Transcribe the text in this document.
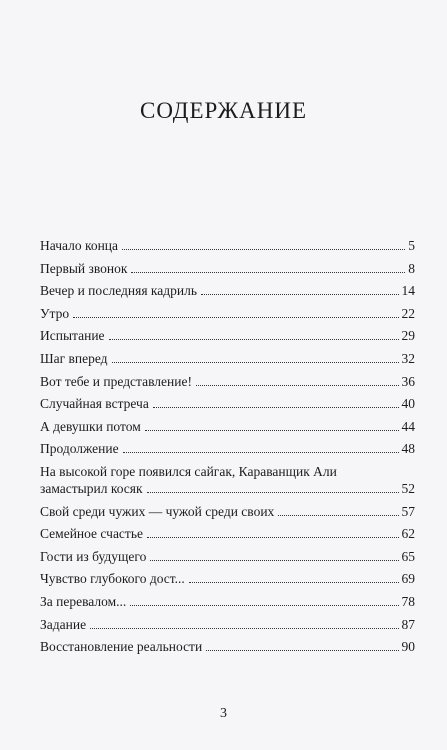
СОДЕРЖАНИЕ
Начало конца	5
Первый звонок	8
Вечер и последняя кадриль	14
Утро	22
Испытание	29
Шаг вперед	32
Вот тебе и представление!	36
Случайная встреча	40
А девушки потом	44
Продолжение	48
На высокой горе появился сайгак, Караванщик Али
замастырил косяк	52
Свой среди чужих — чужой среди своих	57
Семейное счастье	62
Гости из будущего	65
Чувство глубокого дост...	69
За перевалом...	78
Задание	87
Восстановление реальности	90
3
